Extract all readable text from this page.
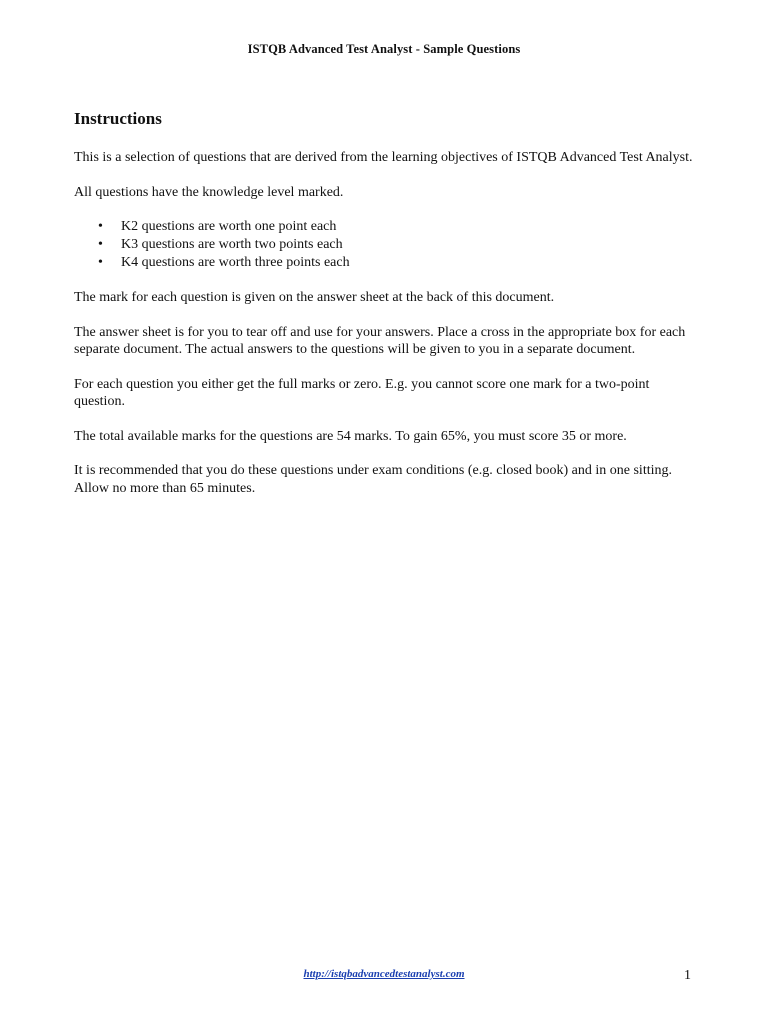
ISTQB Advanced Test Analyst - Sample Questions
Instructions

This is a selection of questions that are derived from the learning objectives of ISTQB Advanced Test Analyst.

All questions have the knowledge level marked.

• K2 questions are worth one point each
• K3 questions are worth two points each
• K4 questions are worth three points each

The mark for each question is given on the answer sheet at the back of this document.

The answer sheet is for you to tear off and use for your answers. Place a cross in the appropriate box for each separate document. The actual answers to the questions will be given to you in a separate document.

For each question you either get the full marks or zero. E.g. you cannot score one mark for a two-point question.

The total available marks for the questions are 54 marks. To gain 65%, you must score 35 or more.

It is recommended that you do these questions under exam conditions (e.g. closed book) and in one sitting. Allow no more than 65 minutes.

http://istqbadvancedtestanalyst.com	1
